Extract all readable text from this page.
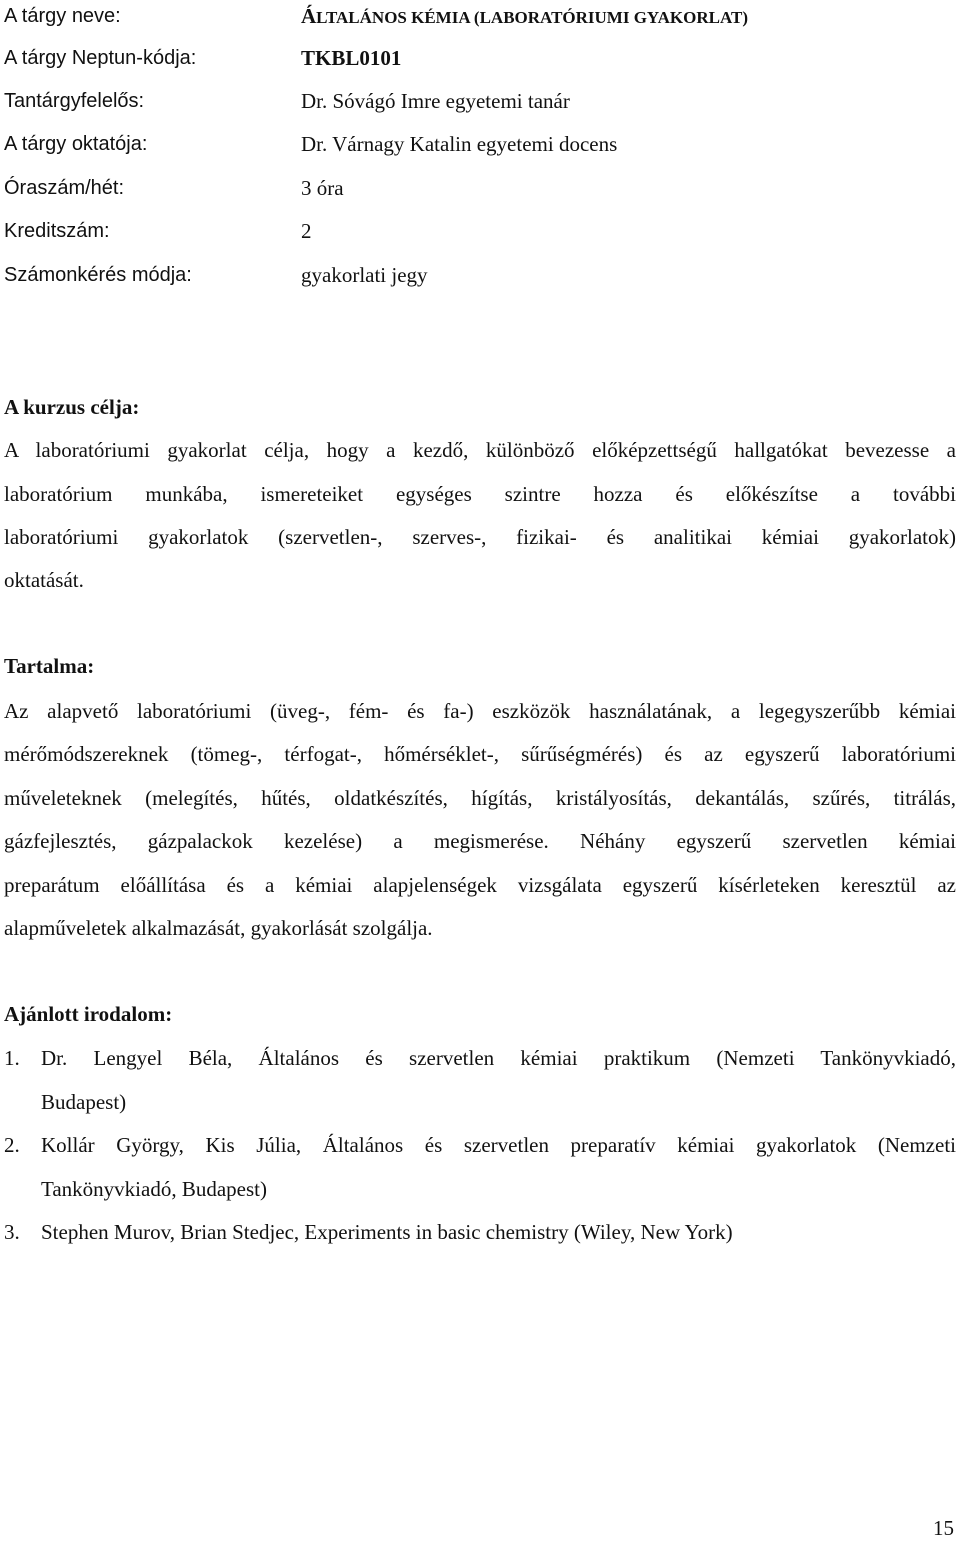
A tárgy neve:	ÁLTALÁNOS KÉMIA (LABORATÓRIUMI GYAKORLAT)
A tárgy Neptun-kódja:	TKBL0101
Tantárgyfelelős:	Dr. Sóvágó Imre egyetemi tanár
A tárgy oktatója:	Dr. Várnagy Katalin egyetemi docens
Óraszám/hét:	3 óra
Kreditszám:	2
Számonkérés módja:	gyakorlati jegy
A kurzus célja:
A laboratóriumi gyakorlat célja, hogy a kezdő, különböző előképzettségű hallgatókat bevezesse a
laboratórium munkába, ismereteiket egységes szintre hozza és előkészítse a további
laboratóriumi gyakorlatok (szervetlen-, szerves-, fizikai- és analitikai kémiai gyakorlatok)
oktatását.
Tartalma:
Az alapvető laboratóriumi (üveg-, fém- és fa-) eszközök használatának, a legegyszerűbb kémiai
mérőmódszereknek (tömeg-, térfogat-, hőmérséklet-, sűrűségmérés) és az egyszerű laboratóriumi
műveleteknek (melegítés, hűtés, oldatkészítés, hígítás, kristályosítás, dekantálás, szűrés, titrálás,
gázfejlesztés, gázpalackok kezelése) a megismerése. Néhány egyszerű szervetlen kémiai
preparátum előállítása és a kémiai alapjelenségek vizsgálata egyszerű kísérleteken keresztül az
alapműveletek alkalmazását, gyakorlását szolgálja.
Ajánlott irodalom:
1. Dr. Lengyel Béla, Általános és szervetlen kémiai praktikum (Nemzeti Tankönyvkiadó,
Budapest)
2. Kollár György, Kis Júlia, Általános és szervetlen preparatív kémiai gyakorlatok (Nemzeti
Tankönyvkiadó, Budapest)
3. Stephen Murov, Brian Stedjec, Experiments in basic chemistry (Wiley, New York)
15
